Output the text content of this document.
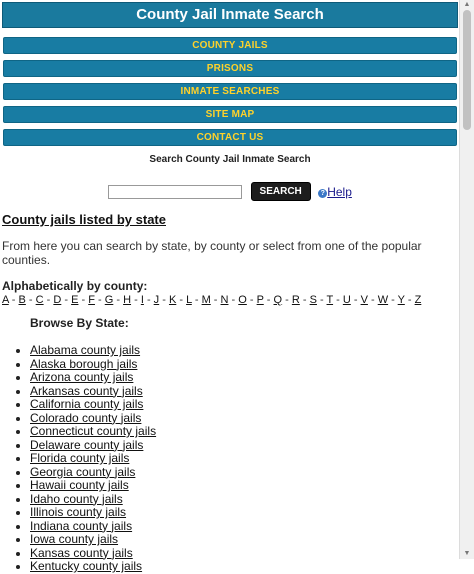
County Jail Inmate Search
COUNTY JAILS
PRISONS
INMATE SEARCHES
SITE MAP
CONTACT US
Search County Jail Inmate Search
SEARCH	? Help
County jails listed by state
From here you can search by state, by county or select from one of the popular counties.
Alphabetically by county:
A - B - C - D - E - F - G - H - I - J - K - L - M - N - O - P - Q - R - S - T - U - V - W - Y - Z
Browse By State:
• Alabama county jails
• Alaska borough jails
• Arizona county jails
• Arkansas county jails
• California county jails
• Colorado county jails
• Connecticut county jails
• Delaware county jails
• Florida county jails
• Georgia county jails
• Hawaii county jails
• Idaho county jails
• Illinois county jails
• Indiana county jails
• Iowa county jails
• Kansas county jails
• Kentucky county jails
▲
▼
